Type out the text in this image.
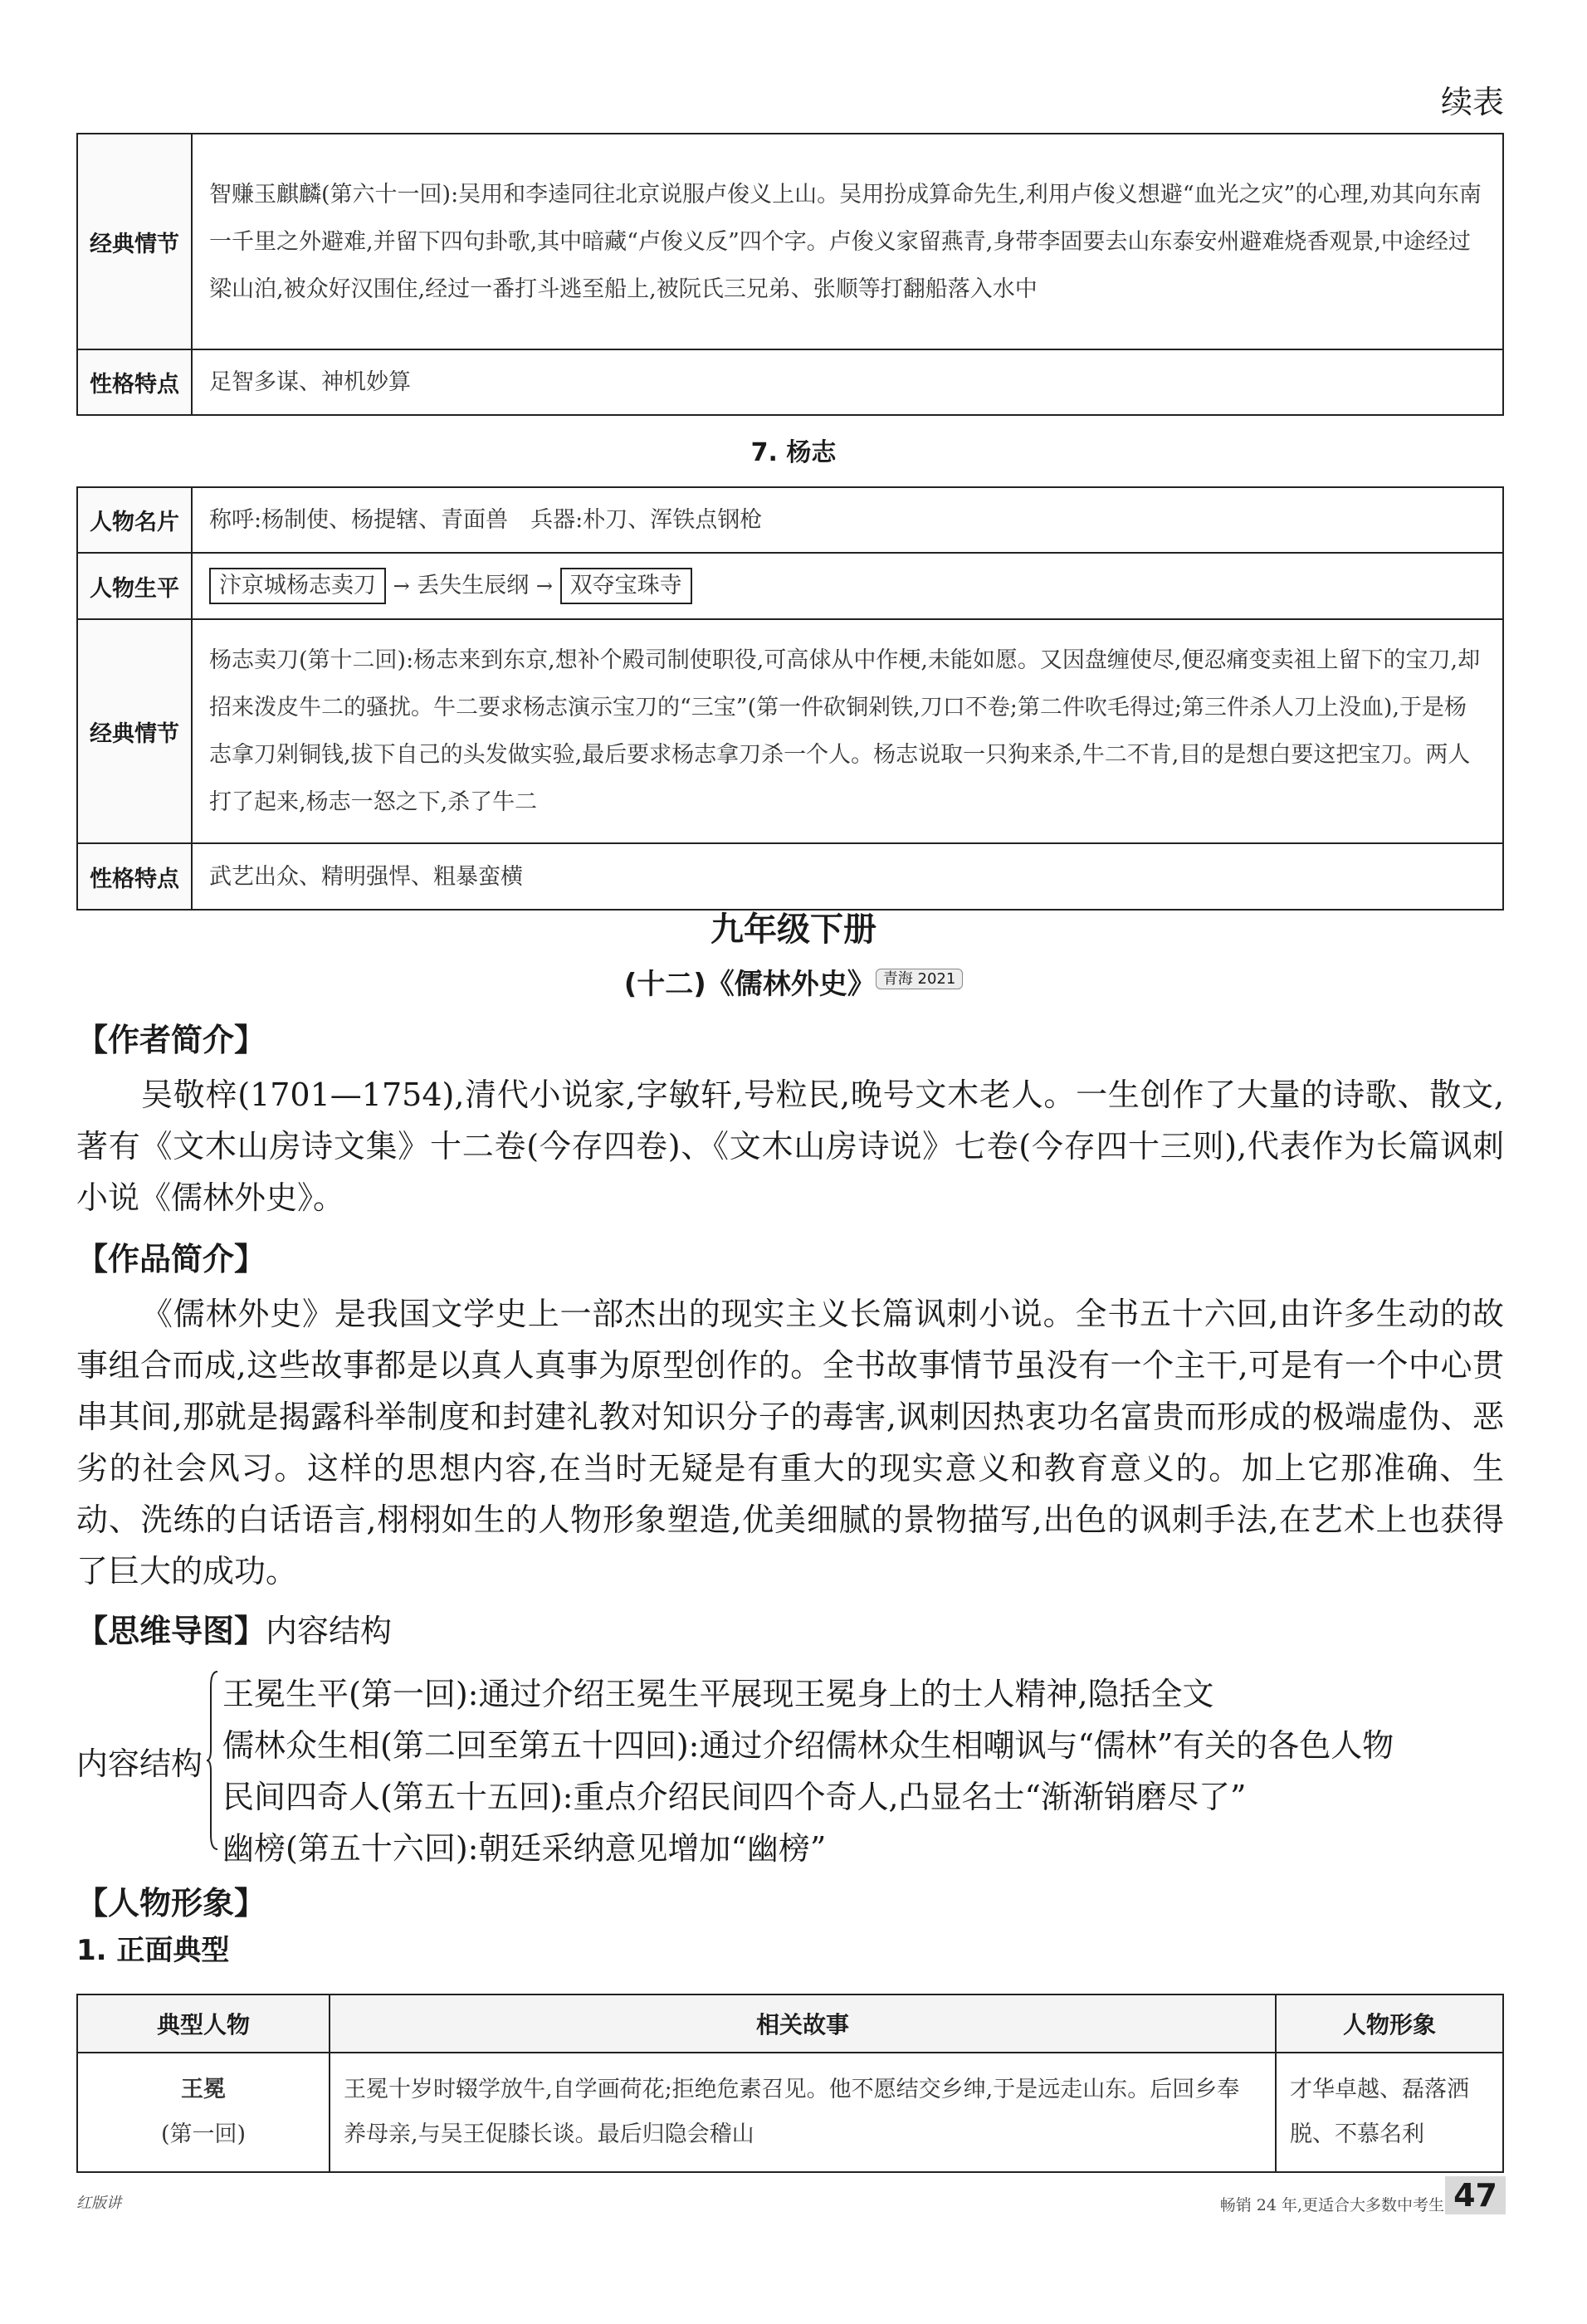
续表
经典情节	智赚玉麒麟(第六十一回):吴用和李逵同往北京说服卢俊义上山。吴用扮成算命先生,利用卢俊义想避“血光之灾”的心理,劝其向东南一千里之外避难,并留下四句卦歌,其中暗藏“卢俊义反”四个字。卢俊义家留燕青,身带李固要去山东泰安州避难烧香观景,中途经过梁山泊,被众好汉围住,经过一番打斗逃至船上,被阮氏三兄弟、张顺等打翻船落入水中
性格特点	足智多谋、神机妙算
7. 杨志
人物名片	称呼:杨制使、杨提辖、青面兽　兵器:朴刀、浑铁点钢枪
人物生平	汴京城杨志卖刀 → 丢失生辰纲 → 双夺宝珠寺
经典情节	杨志卖刀(第十二回):杨志来到东京,想补个殿司制使职役,可高俅从中作梗,未能如愿。又因盘缠使尽,便忍痛变卖祖上留下的宝刀,却招来泼皮牛二的骚扰。牛二要求杨志演示宝刀的“三宝”(第一件砍铜剁铁,刀口不卷;第二件吹毛得过;第三件杀人刀上没血),于是杨志拿刀剁铜钱,拔下自己的头发做实验,最后要求杨志拿刀杀一个人。杨志说取一只狗来杀,牛二不肯,目的是想白要这把宝刀。两人打了起来,杨志一怒之下,杀了牛二
性格特点	武艺出众、精明强悍、粗暴蛮横
九年级下册
(十二)《儒林外史》 $^{青海 2021}$
【作者简介】

吴敬梓(1701—1754),清代小说家,字敏轩,号粒民,晚号文木老人。一生创作了大量的诗歌、散文,著有《文木山房诗文集》十二卷(今存四卷)、《文木山房诗说》七卷(今存四十三则),代表作为长篇讽刺小说《儒林外史》。

【作品简介】

《儒林外史》是我国文学史上一部杰出的现实主义长篇讽刺小说。全书五十六回,由许多生动的故事组合而成,这些故事都是以真人真事为原型创作的。全书故事情节虽没有一个主干,可是有一个中心贯串其间,那就是揭露科举制度和封建礼教对知识分子的毒害,讽刺因热衷功名富贵而形成的极端虚伪、恶劣的社会风习。这样的思想内容,在当时无疑是有重大的现实意义和教育意义的。加上它那准确、生动、洗练的白话语言,栩栩如生的人物形象塑造,优美细腻的景物描写,出色的讽刺手法,在艺术上也获得了巨大的成功。

【思维导图】内容结构
内容结构
王冕生平(第一回):通过介绍王冕生平展现王冕身上的士人精神,隐括全文
儒林众生相(第二回至第五十四回):通过介绍儒林众生相嘲讽与“儒林”有关的各色人物
民间四奇人(第五十五回):重点介绍民间四个奇人,凸显名士“渐渐销磨尽了”
幽榜(第五十六回):朝廷采纳意见增加“幽榜”
【人物形象】
1. 正面典型
典型人物	相关故事	人物形象

王冕
(第一回)	王冕十岁时辍学放牛,自学画荷花;拒绝危素召见。他不愿结交乡绅,于是远走山东。后回乡奉养母亲,与吴王促膝长谈。最后归隐会稽山	才华卓越、磊落洒脱、不慕名利
红版讲	畅销 24 年,更适合大多数中考生 47
